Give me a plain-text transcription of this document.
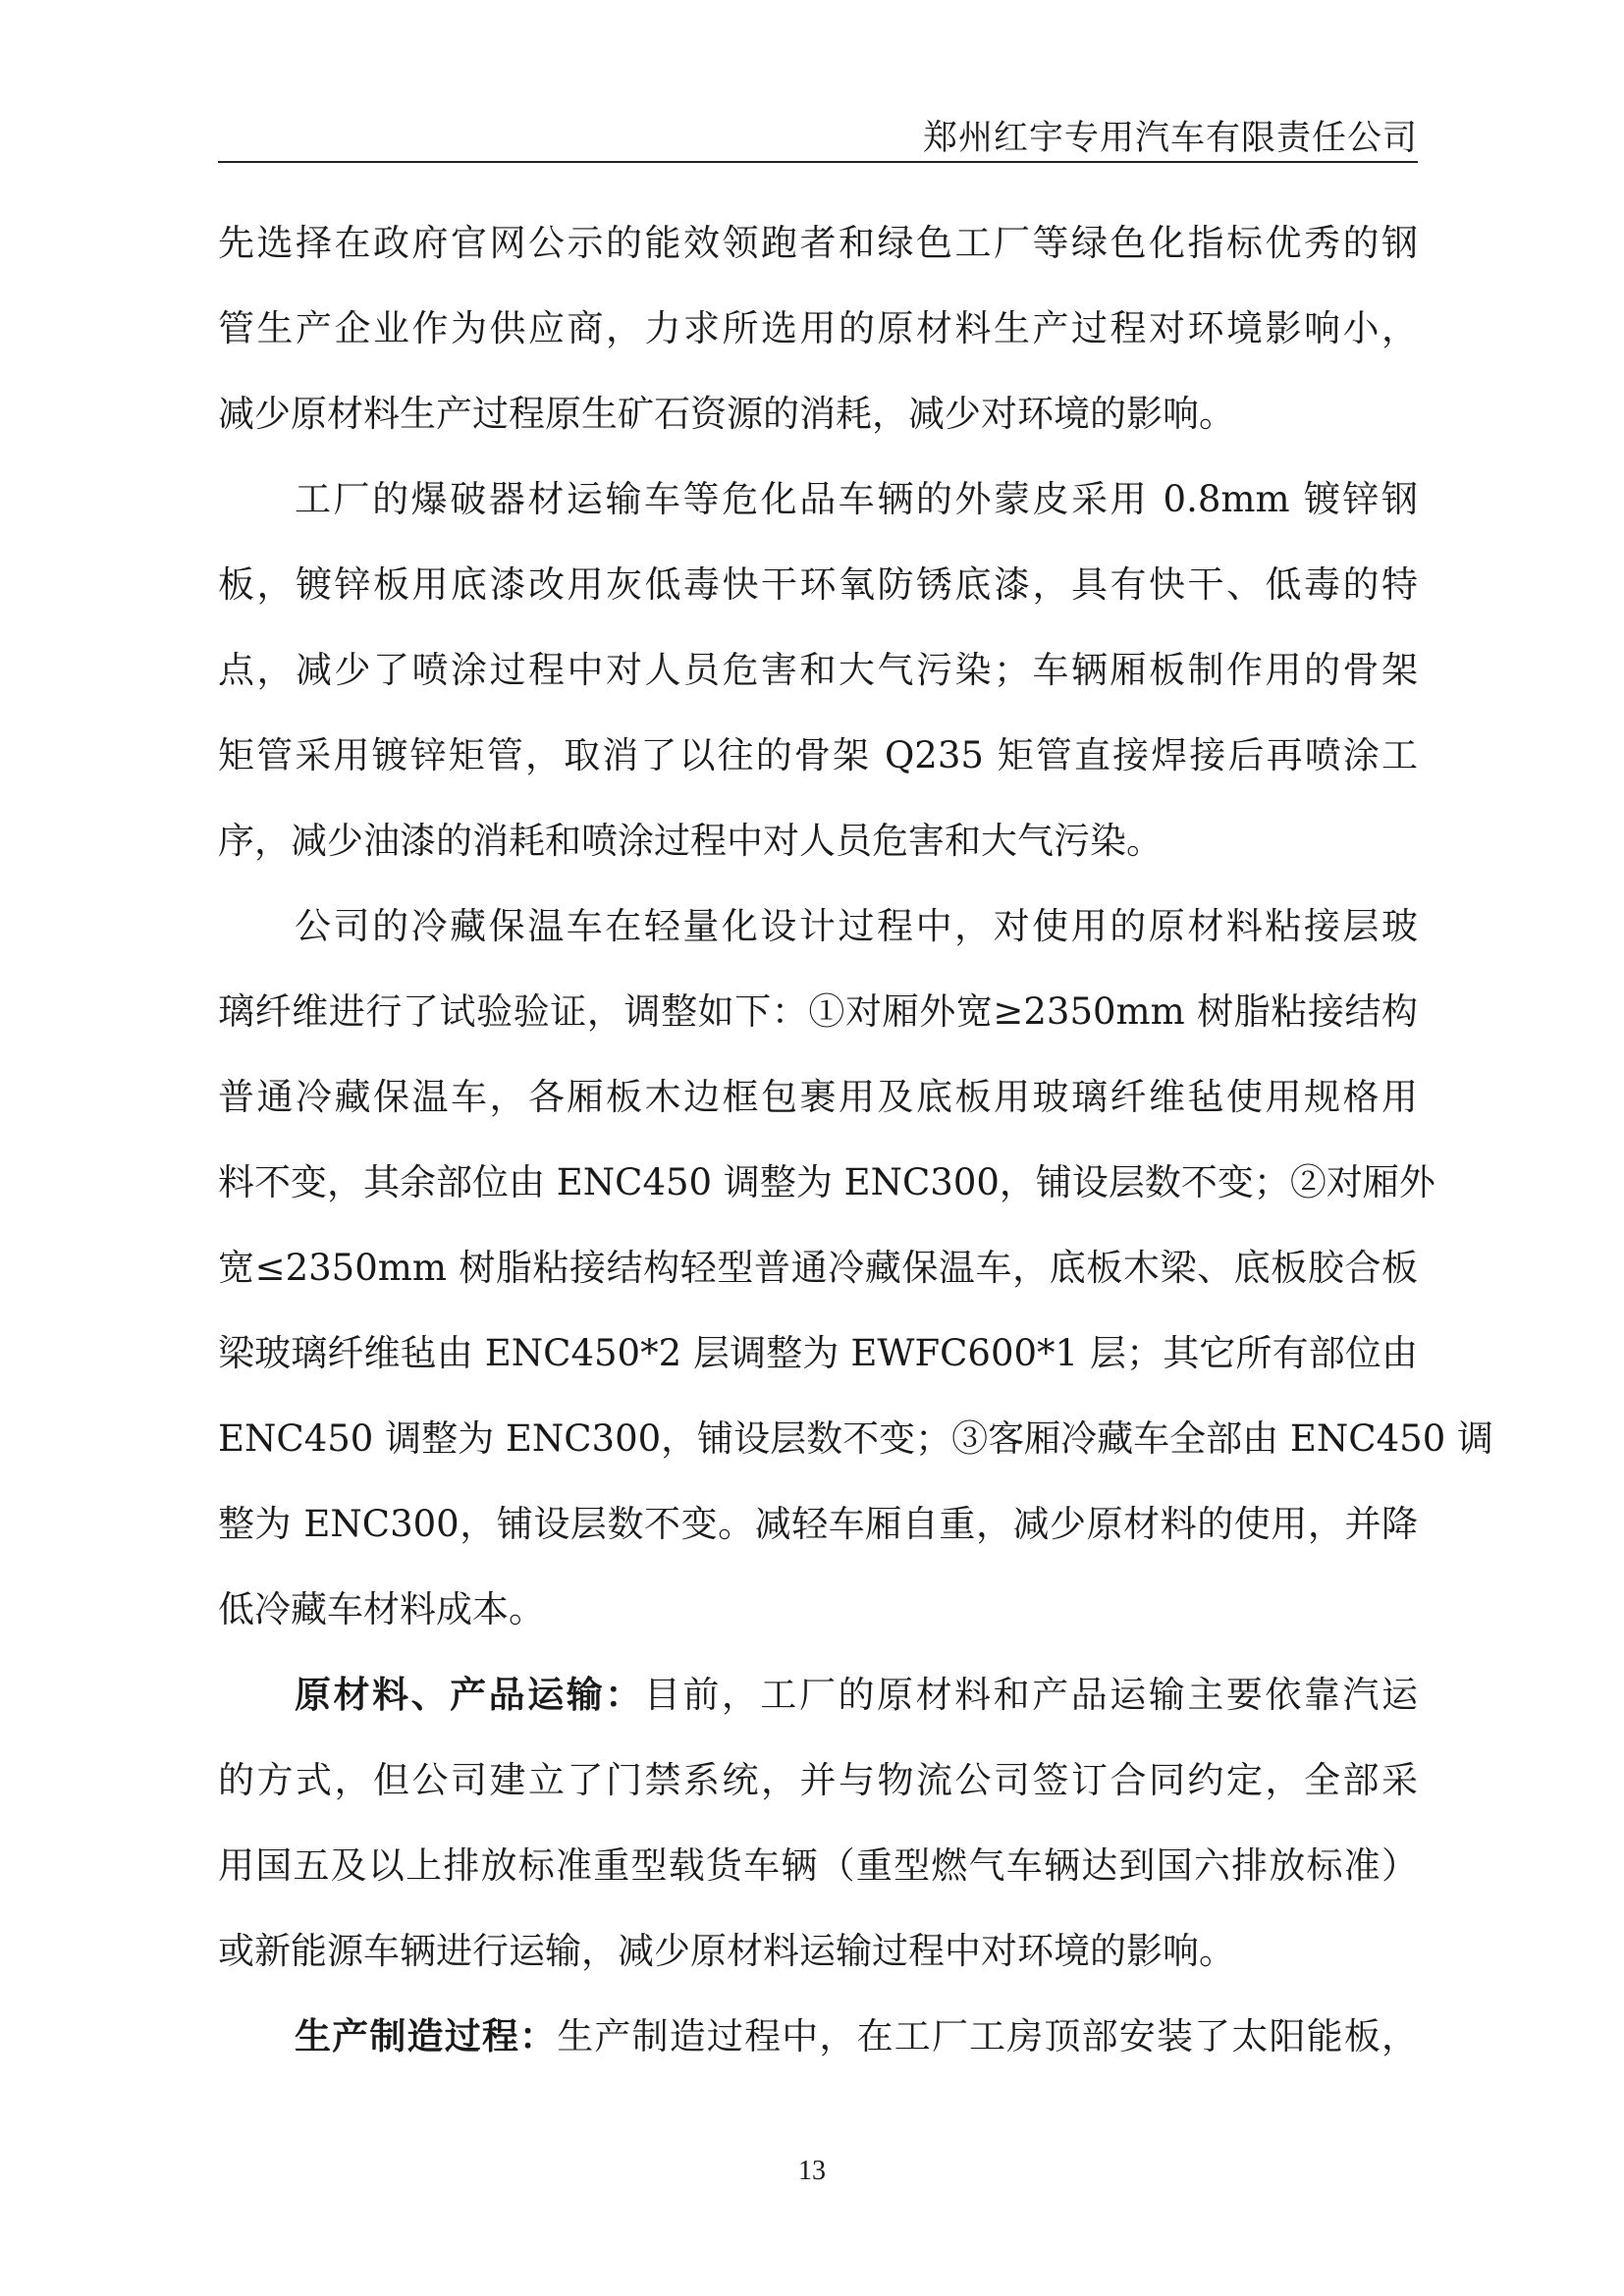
郑州红宇专用汽车有限责任公司
先选择在政府官网公示的能效领跑者和绿色工厂等绿色化指标优秀的钢
管生产企业作为供应商，力求所选用的原材料生产过程对环境影响小，
减少原材料生产过程原生矿石资源的消耗，减少对环境的影响。
工厂的爆破器材运输车等危化品车辆的外蒙皮采用 0.8mm 镀锌钢
板，镀锌板用底漆改用灰低毒快干环氧防锈底漆，具有快干、低毒的特
点，减少了喷涂过程中对人员危害和大气污染；车辆厢板制作用的骨架
矩管采用镀锌矩管，取消了以往的骨架 Q235 矩管直接焊接后再喷涂工
序，减少油漆的消耗和喷涂过程中对人员危害和大气污染。
公司的冷藏保温车在轻量化设计过程中，对使用的原材料粘接层玻
璃纤维进行了试验验证，调整如下：①对厢外宽≥2350mm 树脂粘接结构
普通冷藏保温车，各厢板木边框包裹用及底板用玻璃纤维毡使用规格用
料不变，其余部位由 ENC450 调整为 ENC300，铺设层数不变；②对厢外
宽≤2350mm 树脂粘接结构轻型普通冷藏保温车，底板木梁、底板胶合板
梁玻璃纤维毡由 ENC450*2 层调整为 EWFC600*1 层；其它所有部位由
ENC450 调整为 ENC300，铺设层数不变；③客厢冷藏车全部由 ENC450 调
整为 ENC300，铺设层数不变。减轻车厢自重，减少原材料的使用，并降
低冷藏车材料成本。
原材料、产品运输：目前，工厂的原材料和产品运输主要依靠汽运
的方式，但公司建立了门禁系统，并与物流公司签订合同约定，全部采
用国五及以上排放标准重型载货车辆（重型燃气车辆达到国六排放标准）
或新能源车辆进行运输，减少原材料运输过程中对环境的影响。
生产制造过程：生产制造过程中，在工厂工房顶部安装了太阳能板，
13
